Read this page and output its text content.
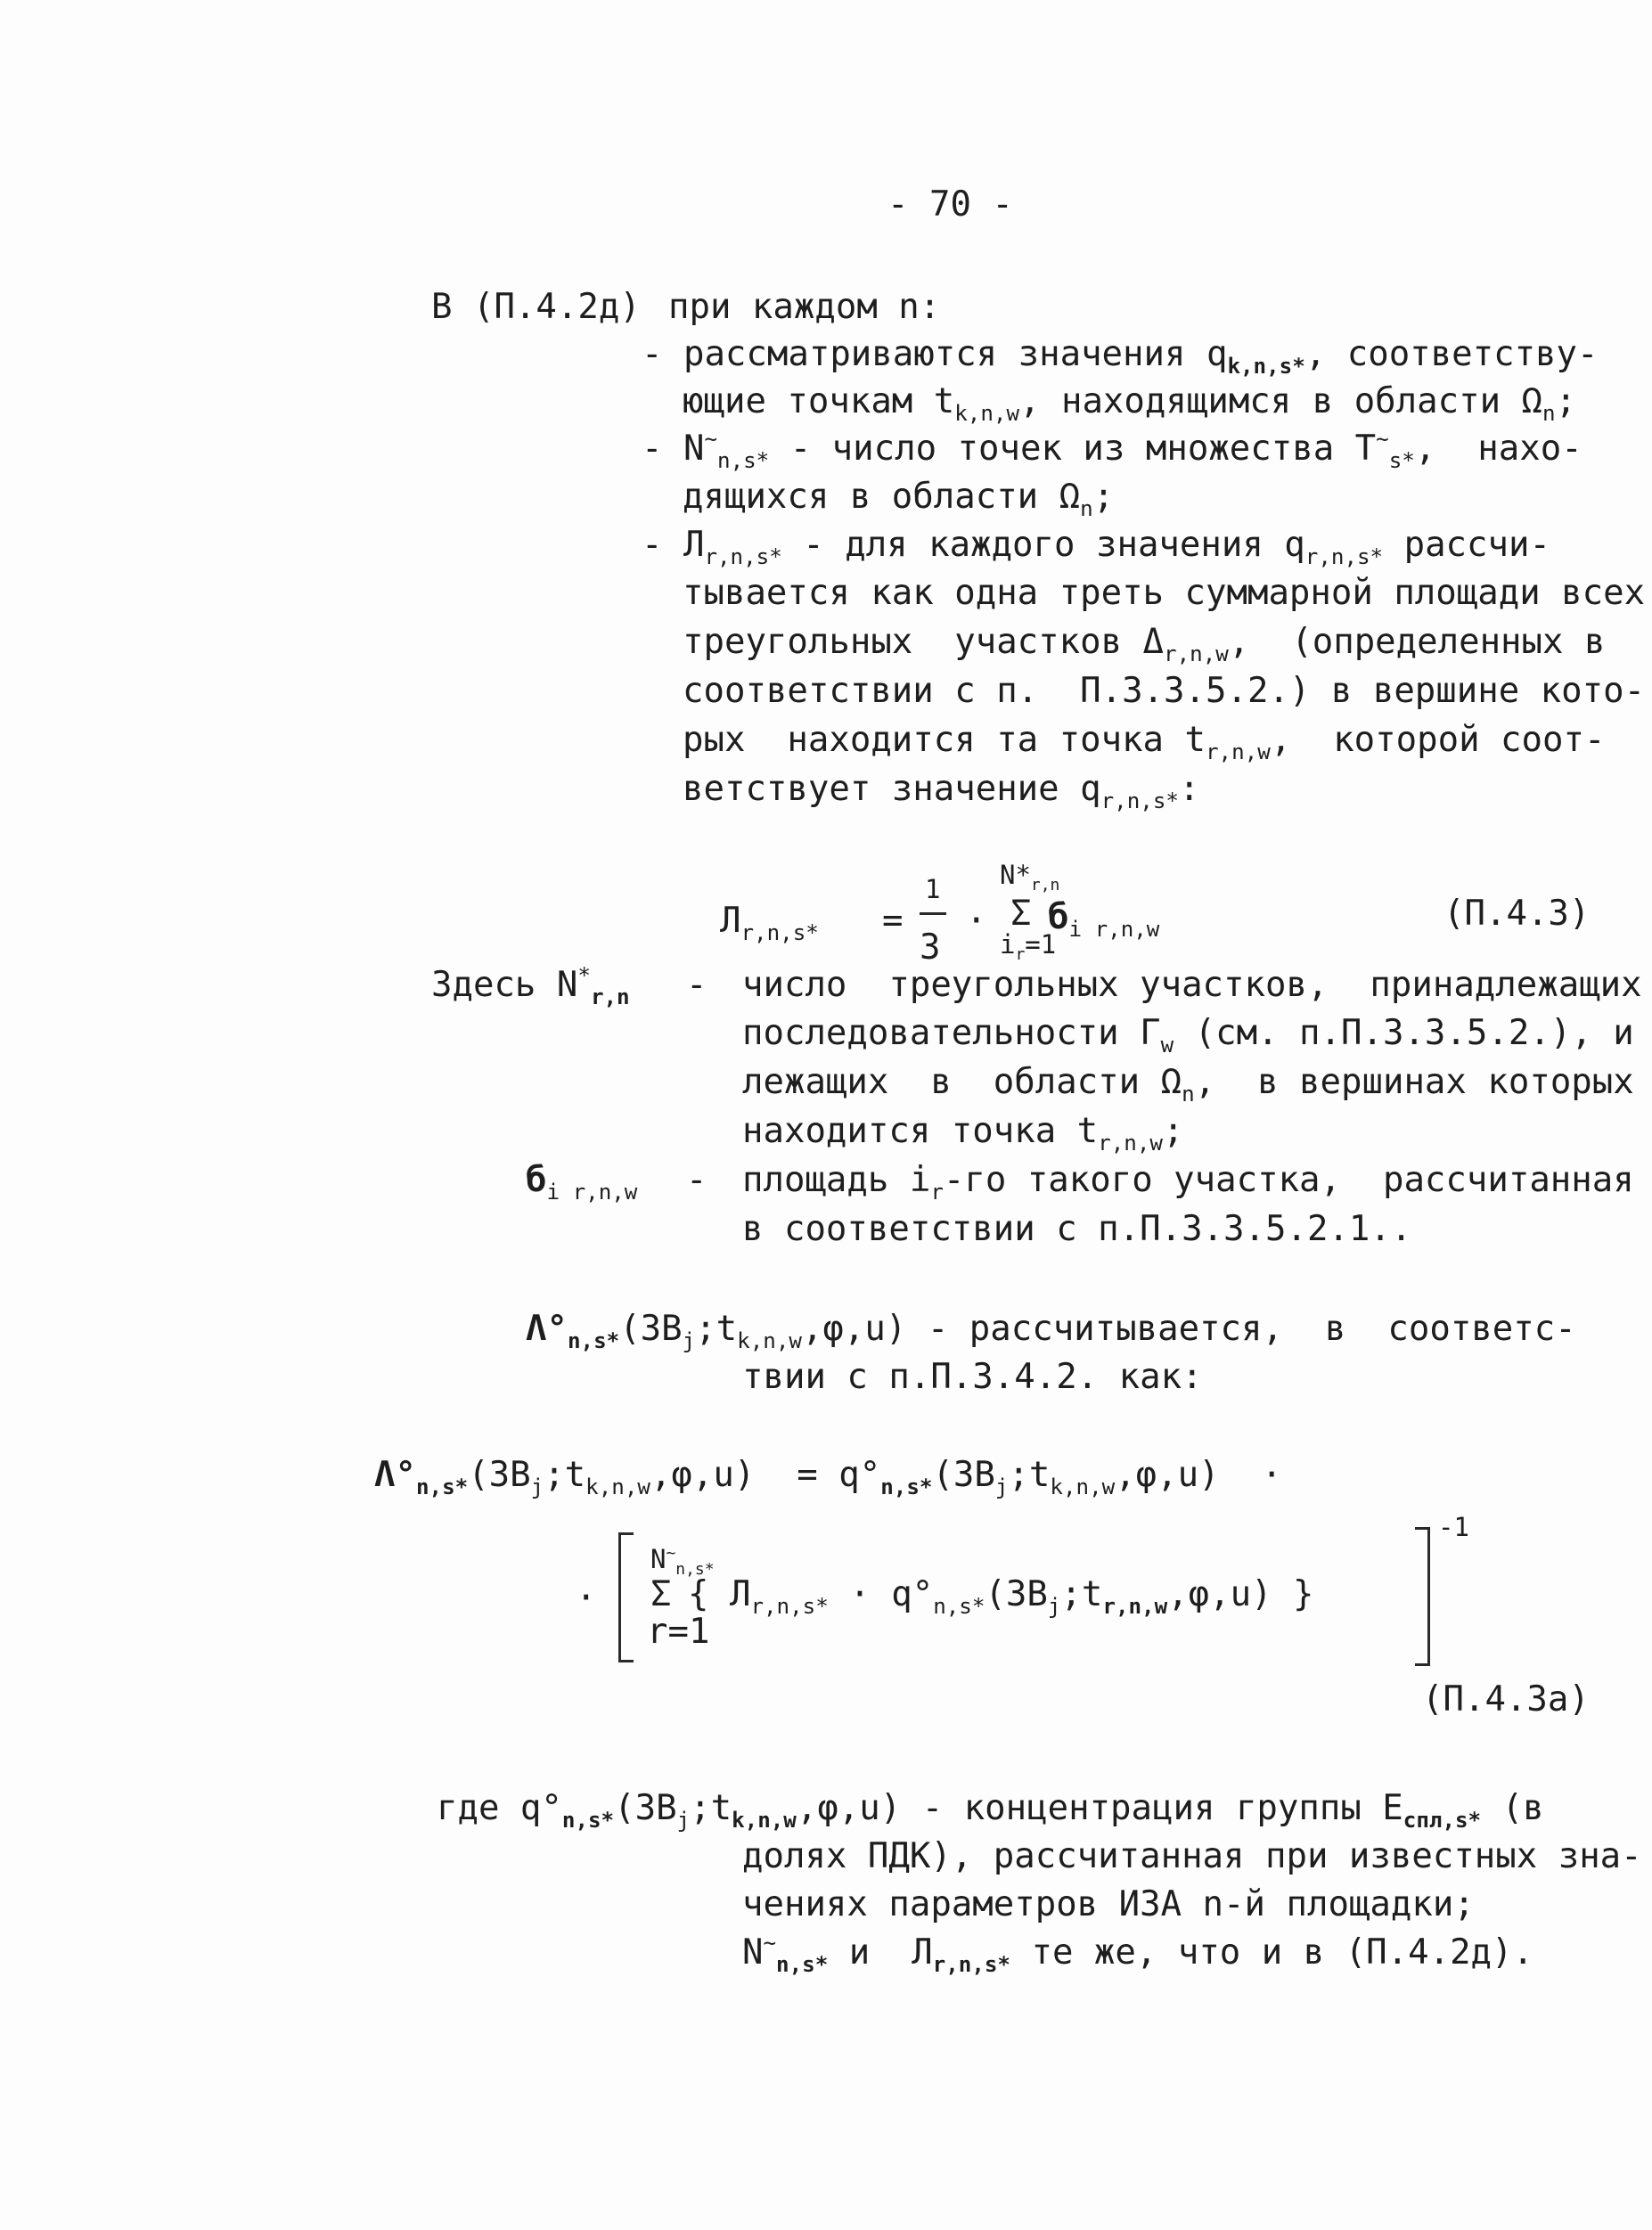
- 70 -
В (П.4.2д) при каждом n:
- рассматриваются значения $q_{k,n,s*}$, соответству-
ющие точкам $t_{k,n,w}$, находящимся в области $\Omega_n$;
- $N^\sim_{n,s*}$ - число точек из множества $T^\sim_{s*}$,  нахо-
дящихся в области $\Omega_n$;
- $Л_{r,n,s*}$ - для каждого значения $q_{r,n,s*}$ рассчи-
тывается как одна треть суммарной площади всех
треугольных  участков $\Delta_{r,n,w}$,  (определенных в
соответствии с п.  П.3.3.5.2.) в вершине кото-
рых  находится та точка $t_{r,n,w}$,  которой соот-
ветствует значение $q_{r,n,s*}$:
$Л_{r,n,s*}$ =
1
3
·
$N*_{r,n}$
Σ $б_{i r,n,w}$
$i_r=1$
(П.4.3)
Здесь $N^*_{r,n}$ - число  треугольных участков,  принадлежащих
последовательности $Г_w$ (см. п.П.3.3.5.2.), и
лежащих  в  области $\Omega_n$,  в вершинах которых
находится точка $t_{r,n,w}$;
$б_{i r,n,w}$ - площадь $i_r-го$ такого участка,  рассчитанная
в соответствии с п.П.3.3.5.2.1..
$\Lambda^\circ_{n,s*}(ЗВ_j;t_{k,n,w},\varphi,u)$ - рассчитывается,  в  соответс-
твии с п.П.3.4.2. как:
$\Lambda^\circ_{n,s*}(ЗВ_j;t_{k,n,w},\varphi,u)$  = $q^\circ_{n,s*}(ЗВ_j;t_{k,n,w},\varphi,u)$  ·
·
$N^\sim_{n,s*}$
Σ
r=1
{ $Л_{r,n,s*}$ · $q^\circ_{n,s*}(ЗВ_j;t_{r,n,w},\varphi,u)$ }
-1
(П.4.3а)
где $q^\circ_{n,s*}(ЗВ_j;t_{k,n,w},\varphi,u)$ - концентрация группы $E_{спл,s*}$ (в
долях ПДК), рассчитанная при известных зна-
чениях параметров ИЗА n-й площадки;
$N^\sim_{n,s*}$ и  $Л_{r,n,s*}$ те же, что и в (П.4.2д).
